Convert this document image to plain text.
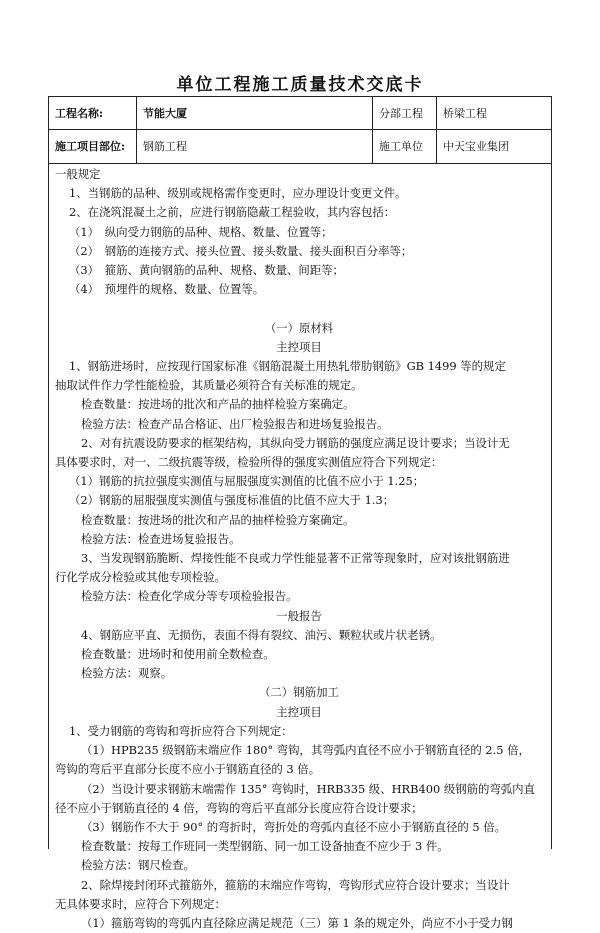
单位工程施工质量技术交底卡
工程名称:	节能大厦	分部工程	桥梁工程
施工项目部位:	钢筋工程	施工单位	中天宝业集团

一般规定

1、当钢筋的品种、级别或规格需作变更时，应办理设计变更文件。

2、在浇筑混凝土之前，应进行钢筋隐蔽工程验收，其内容包括：

（1）　纵向受力钢筋的品种、规格、数量、位置等；

（2）　钢筋的连接方式、接头位置、接头数量、接头面积百分率等；

（3）　箍筋、黄向钢筋的品种、规格、数量、间距等；

（4）　预埋件的规格、数量、位置等。

（一）原材料

主控项目

1、钢筋进场时，应按现行国家标准《钢筋混凝土用热轧带肋钢筋》GB 1499 等的规定

抽取试件作力学性能检验，其质量必须符合有关标准的规定。

检查数量：按进场的批次和产品的抽样检验方案确定。

检验方法：检查产品合格证、出厂检验报告和进场复验报告。

2、对有抗震设防要求的框架结构，其纵向受力钢筋的强度应满足设计要求；当设计无

具体要求时，对一、二级抗震等级，检验所得的强度实测值应符合下列规定：

（1）钢筋的抗拉强度实测值与屈服强度实测值的比值不应小于 1.25；

（2）钢筋的屈服强度实测值与强度标准值的比值不应大于 1.3；

检查数量：按进场的批次和产品的抽样检验方案确定。

检验方法：检查进场复验报告。

3、当发现钢筋脆断、焊接性能不良或力学性能显著不正常等现象时，应对该批钢筋进

行化学成分检验或其他专项检验。

检验方法：检查化学成分等专项检验报告。

一般报告

4、钢筋应平直、无损伤，表面不得有裂纹、油污、颗粒状或片状老锈。

检查数量：进场时和使用前全数检查。

检验方法：观察。

（二）钢筋加工

主控项目

1、受力钢筋的弯钩和弯折应符合下列规定：

（1）HPB235 级钢筋末端应作 180° 弯钩，其弯弧内直径不应小于钢筋直径的 2.5 倍，

弯钩的弯后平直部分长度不应小于钢筋直径的 3 倍。

（2）当设计要求钢筋末端需作 135° 弯钩时，HRB335 级、HRB400 级钢筋的弯弧内直

径不应小于钢筋直径的 4 倍，弯钩的弯后平直部分长度应符合设计要求；

（3）钢筋作不大于 90° 的弯折时，弯折处的弯弧内直径不应小于钢筋直径的 5 倍。

检查数量：按每工作班同一类型钢筋、同一加工设备抽查不应少于 3 件。

检验方法：钢尺检查。

2、除焊接封闭环式箍筋外，箍筋的末端应作弯钩，弯钩形式应符合设计要求；当设计

无具体要求时，应符合下列规定：

（1）箍筋弯钩的弯弧内直径除应满足规范（三）第 1 条的规定外，尚应不小于受力钢
